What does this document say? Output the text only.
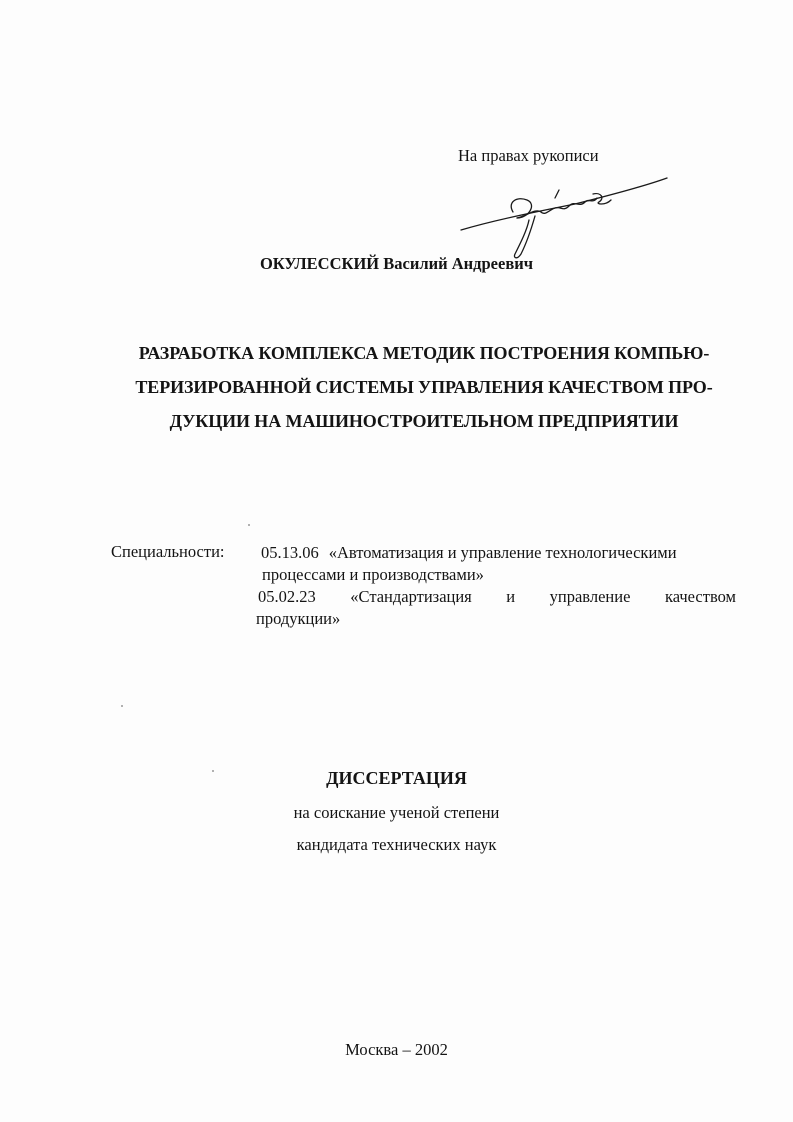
На правах рукописи
ОКУЛЕССКИЙ Василий Андреевич
РАЗРАБОТКА КОМПЛЕКСА МЕТОДИК ПОСТРОЕНИЯ КОМПЬЮ-
ТЕРИЗИРОВАННОЙ СИСТЕМЫ УПРАВЛЕНИЯ КАЧЕСТВОМ ПРО-
ДУКЦИИ НА МАШИНОСТРОИТЕЛЬНОМ ПРЕДПРИЯТИИ
Специальности: 05.13.06 «Автоматизация и управление технологическими
процессами и производствами»
05.02.23 «Стандартизация и управление качеством
продукции»
ДИССЕРТАЦИЯ
на соискание ученой степени
кандидата технических наук
Москва – 2002
